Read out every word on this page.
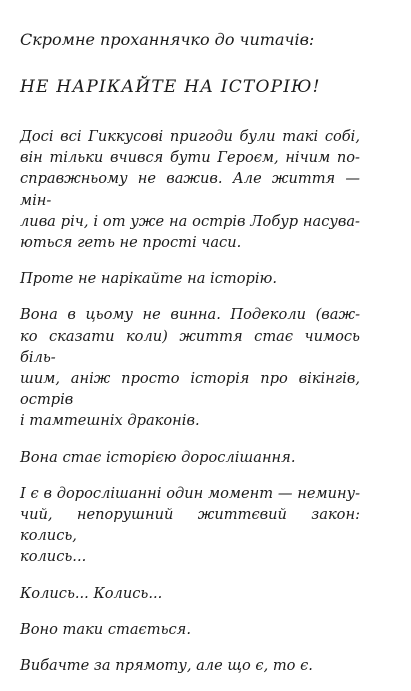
Скромне проханнячко до читачів:

НЕ НАРІКАЙТЕ НА ІСТОРІЮ!

Досі всі Гиккусові пригоди були такі собі,
він тільки вчився бути Героєм, нічим по-
справжньому не важив. Але життя — мін-
лива річ, і от уже на острів Лобур насува-
ються геть не прості часи.

Проте не нарікайте на історію.

Вона в цьому не винна. Подеколи (важ-
ко сказати коли) життя стає чимось біль-
шим, аніж просто історія про вікінгів, острів
і тамтешніх драконів.

Вона стає історією дорослішання.

І є в дорослішанні один момент — немину-
чий, непорушний життєвий закон: колись,
колись...

Колись... Колись...

Воно таки стається.

Вибачте за прямоту, але що є, то є.
